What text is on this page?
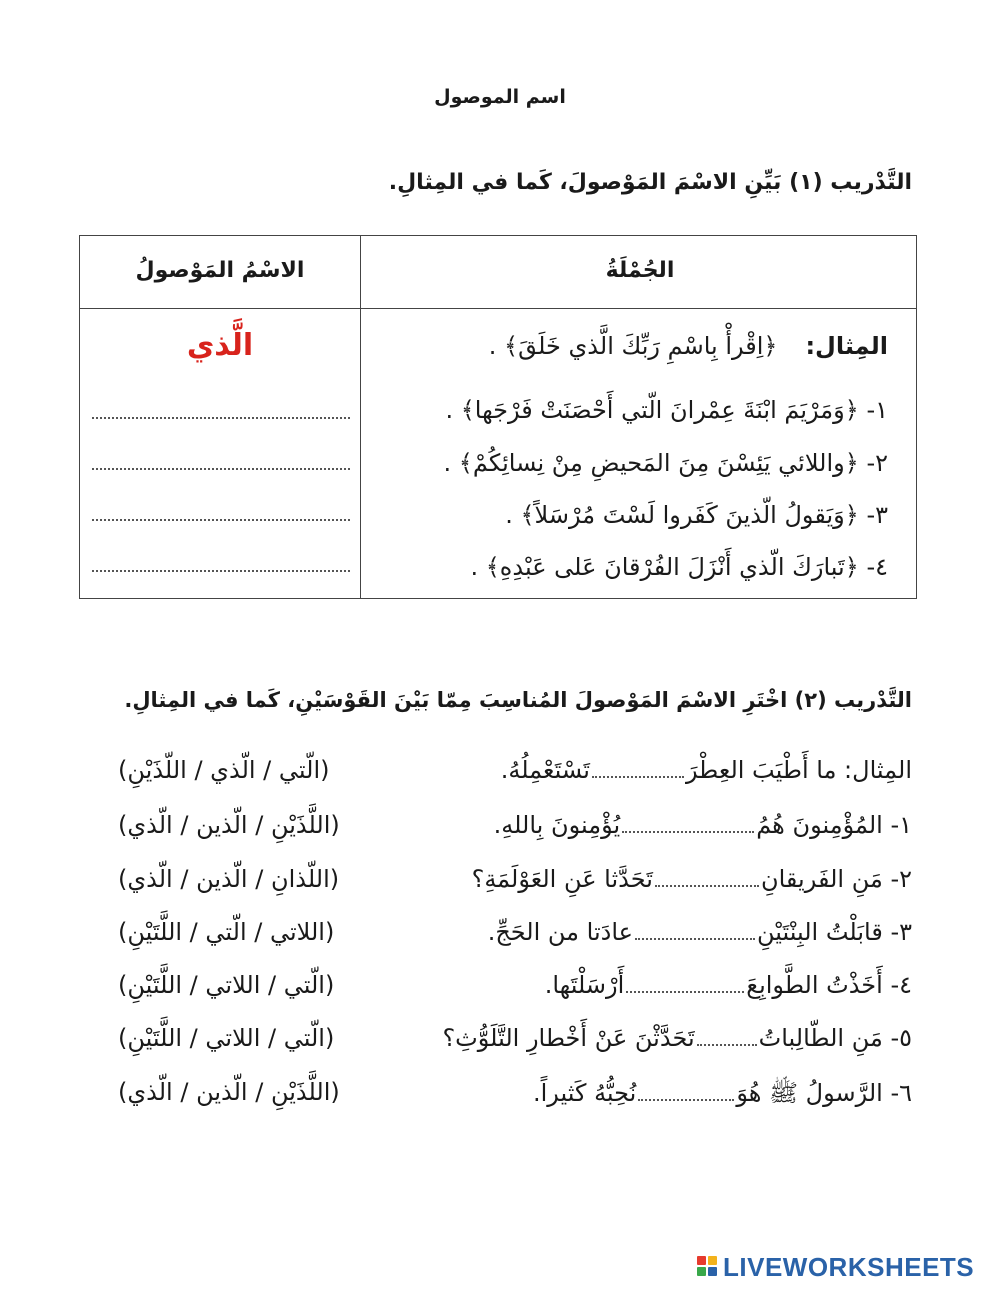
اسم الموصول
التَّدْريب (١) بَيِّنِ الاسْمَ المَوْصولَ، كَما في المِثالِ.
الاسْمُ المَوْصولُ	الجُمْلَةُ
الَّذي	المِثال:﴿اِقْرأْ بِاسْمِ رَبِّكَ الَّذي خَلَقَ﴾ .
١- ﴿وَمَرْيَمَ ابْنَةَ عِمْرانَ الّتي أَحْصَنَتْ فَرْجَها﴾ .
٢- ﴿واللائي يَئِسْنَ مِنَ المَحيضِ مِنْ نِسائِكُمْ﴾ .
٣- ﴿وَيَقولُ الّذينَ كَفَروا لَسْتَ مُرْسَلاً﴾ .
٤- ﴿تَبارَكَ الّذي أَنْزَلَ الفُرْقانَ عَلى عَبْدِهِ﴾ .
التَّدْريب (٢) اخْتَرِ الاسْمَ المَوْصولَ المُناسِبَ مِمّا بَيْنَ القَوْسَيْنِ، كَما في المِثالِ.
المِثال: ما أَطْيَبَ العِطْرَتَسْتَعْمِلُهُ.
(الّتي / الّذي / اللّذَيْنِ)
١- المُؤْمِنونَ هُمُيُؤْمِنونَ بِاللهِ.
(اللَّذَيْنِ / الّذين / الّذي)
٢- مَنِ الفَريقانِتَحَدَّثا عَنِ العَوْلَمَةِ؟
(اللّذانِ / الّذين / الّذي)
٣- قابَلْتُ البِنْتَيْنِعادَتا من الحَجِّ.
(اللاتي / الّتي / اللَّتَيْنِ)
٤- أَخَذْتُ الطَّوابِعَأَرْسَلْتَها.
(الّتي / اللاتي / اللَّتَيْنِ)
٥- مَنِ الطّالِباتُتَحَدَّثْنَ عَنْ أَخْطارِ التَّلَوُّثِ؟
(الّتي / اللاتي / اللَّتَيْنِ)
٦- الرَّسولُ ﷺ هُوَنُحِبُّهُ كَثيراً.
(اللَّذَيْنِ / الّذين / الّذي)
LIVEWORKSHEETS
